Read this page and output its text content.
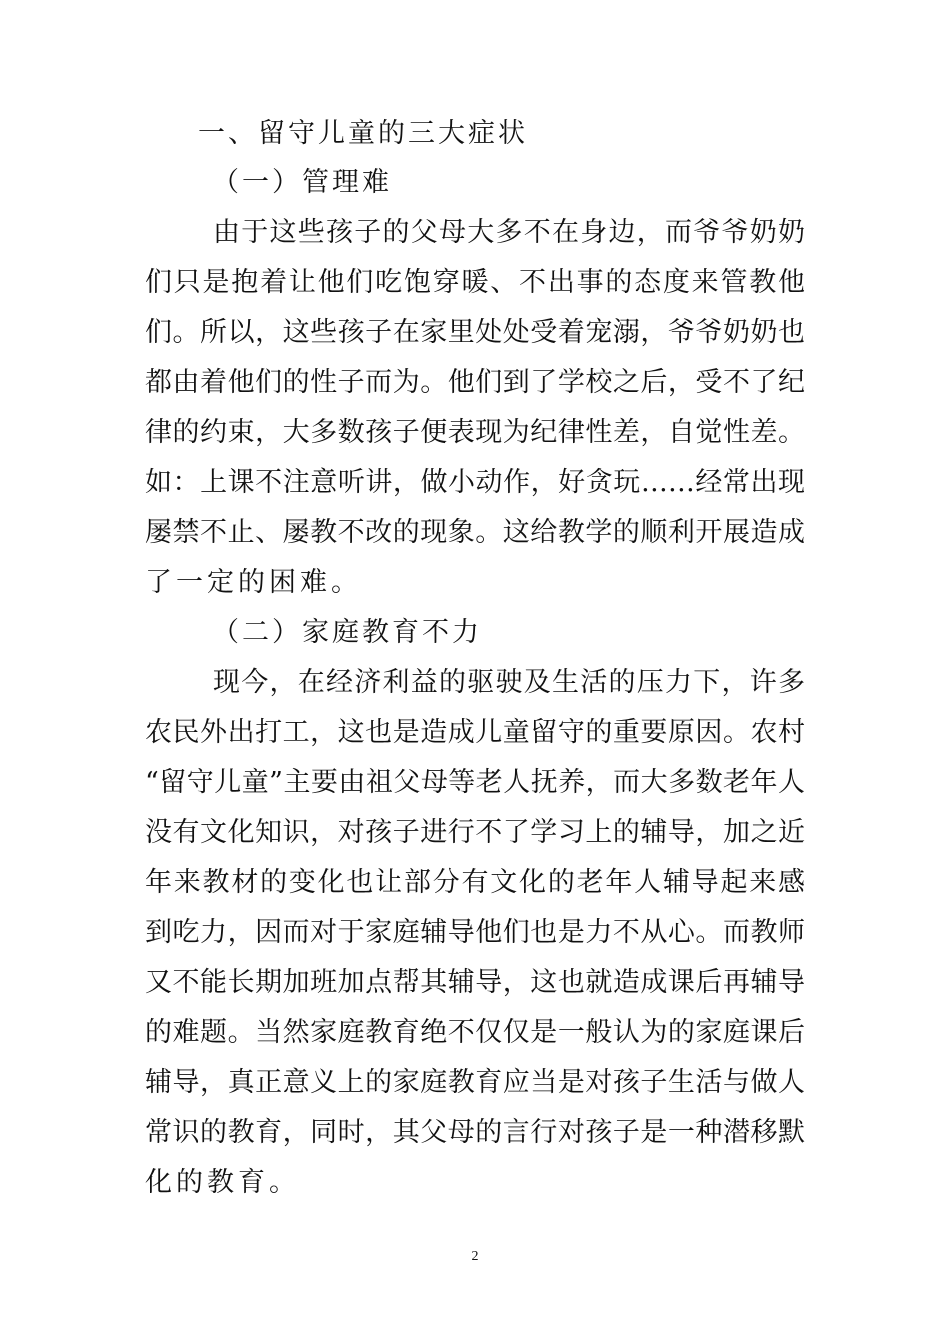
一、留守儿童的三大症状
（一）管理难
由于这些孩子的父母大多不在身边，而爷爷奶奶
们只是抱着让他们吃饱穿暖、不出事的态度来管教他
们。所以，这些孩子在家里处处受着宠溺，爷爷奶奶也
都由着他们的性子而为。他们到了学校之后，受不了纪
律的约束，大多数孩子便表现为纪律性差，自觉性差。
如：上课不注意听讲，做小动作，好贪玩……经常出现
屡禁不止、屡教不改的现象。这给教学的顺利开展造成
了一定的困难。
（二）家庭教育不力
现今，在经济利益的驱驶及生活的压力下，许多
农民外出打工，这也是造成儿童留守的重要原因。农村
“留守儿童”主要由祖父母等老人抚养，而大多数老年人
没有文化知识，对孩子进行不了学习上的辅导，加之近
年来教材的变化也让部分有文化的老年人辅导起来感
到吃力，因而对于家庭辅导他们也是力不从心。而教师
又不能长期加班加点帮其辅导，这也就造成课后再辅导
的难题。当然家庭教育绝不仅仅是一般认为的家庭课后
辅导，真正意义上的家庭教育应当是对孩子生活与做人
常识的教育，同时，其父母的言行对孩子是一种潜移默
化的教育。
2
